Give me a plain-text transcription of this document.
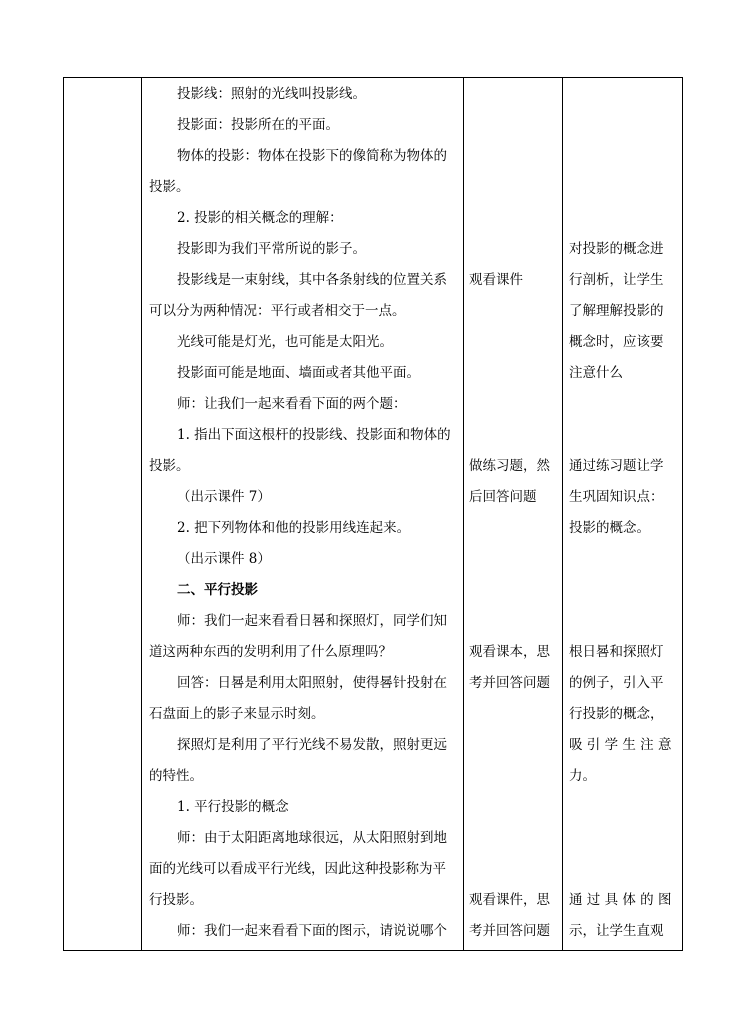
投影线：照射的光线叫投影线。
投影面：投影所在的平面。
物体的投影：物体在投影下的像简称为物体的
投影。
2. 投影的相关概念的理解：
投影即为我们平常所说的影子。
投影线是一束射线，其中各条射线的位置关系
可以分为两种情况：平行或者相交于一点。
光线可能是灯光，也可能是太阳光。
投影面可能是地面、墙面或者其他平面。
师：让我们一起来看看下面的两个题：
1. 指出下面这根杆的投影线、投影面和物体的
投影。
（出示课件 7）
2. 把下列物体和他的投影用线连起来。
（出示课件 8）
二、平行投影
师：我们一起来看看日晷和探照灯，同学们知
道这两种东西的发明利用了什么原理吗？
回答：日晷是利用太阳照射，使得晷针投射在
石盘面上的影子来显示时刻。
探照灯是利用了平行光线不易发散，照射更远
的特性。
1. 平行投影的概念
师：由于太阳距离地球很远，从太阳照射到地
面的光线可以看成平行光线，因此这种投影称为平
行投影。
师：我们一起来看看下面的图示，请说说哪个
观看课件
做练习题，然
后回答问题
观看课本，思
考并回答问题
观看课件，思
考并回答问题
对投影的概念进
行剖析，让学生
了解理解投影的
概念时，应该要
注意什么
通过练习题让学
生巩固知识点：
投影的概念。
根日晷和探照灯
的例子，引入平
行投影的概念，
吸 引 学 生 注 意
力。
通 过 具 体 的 图
示，让学生直观
